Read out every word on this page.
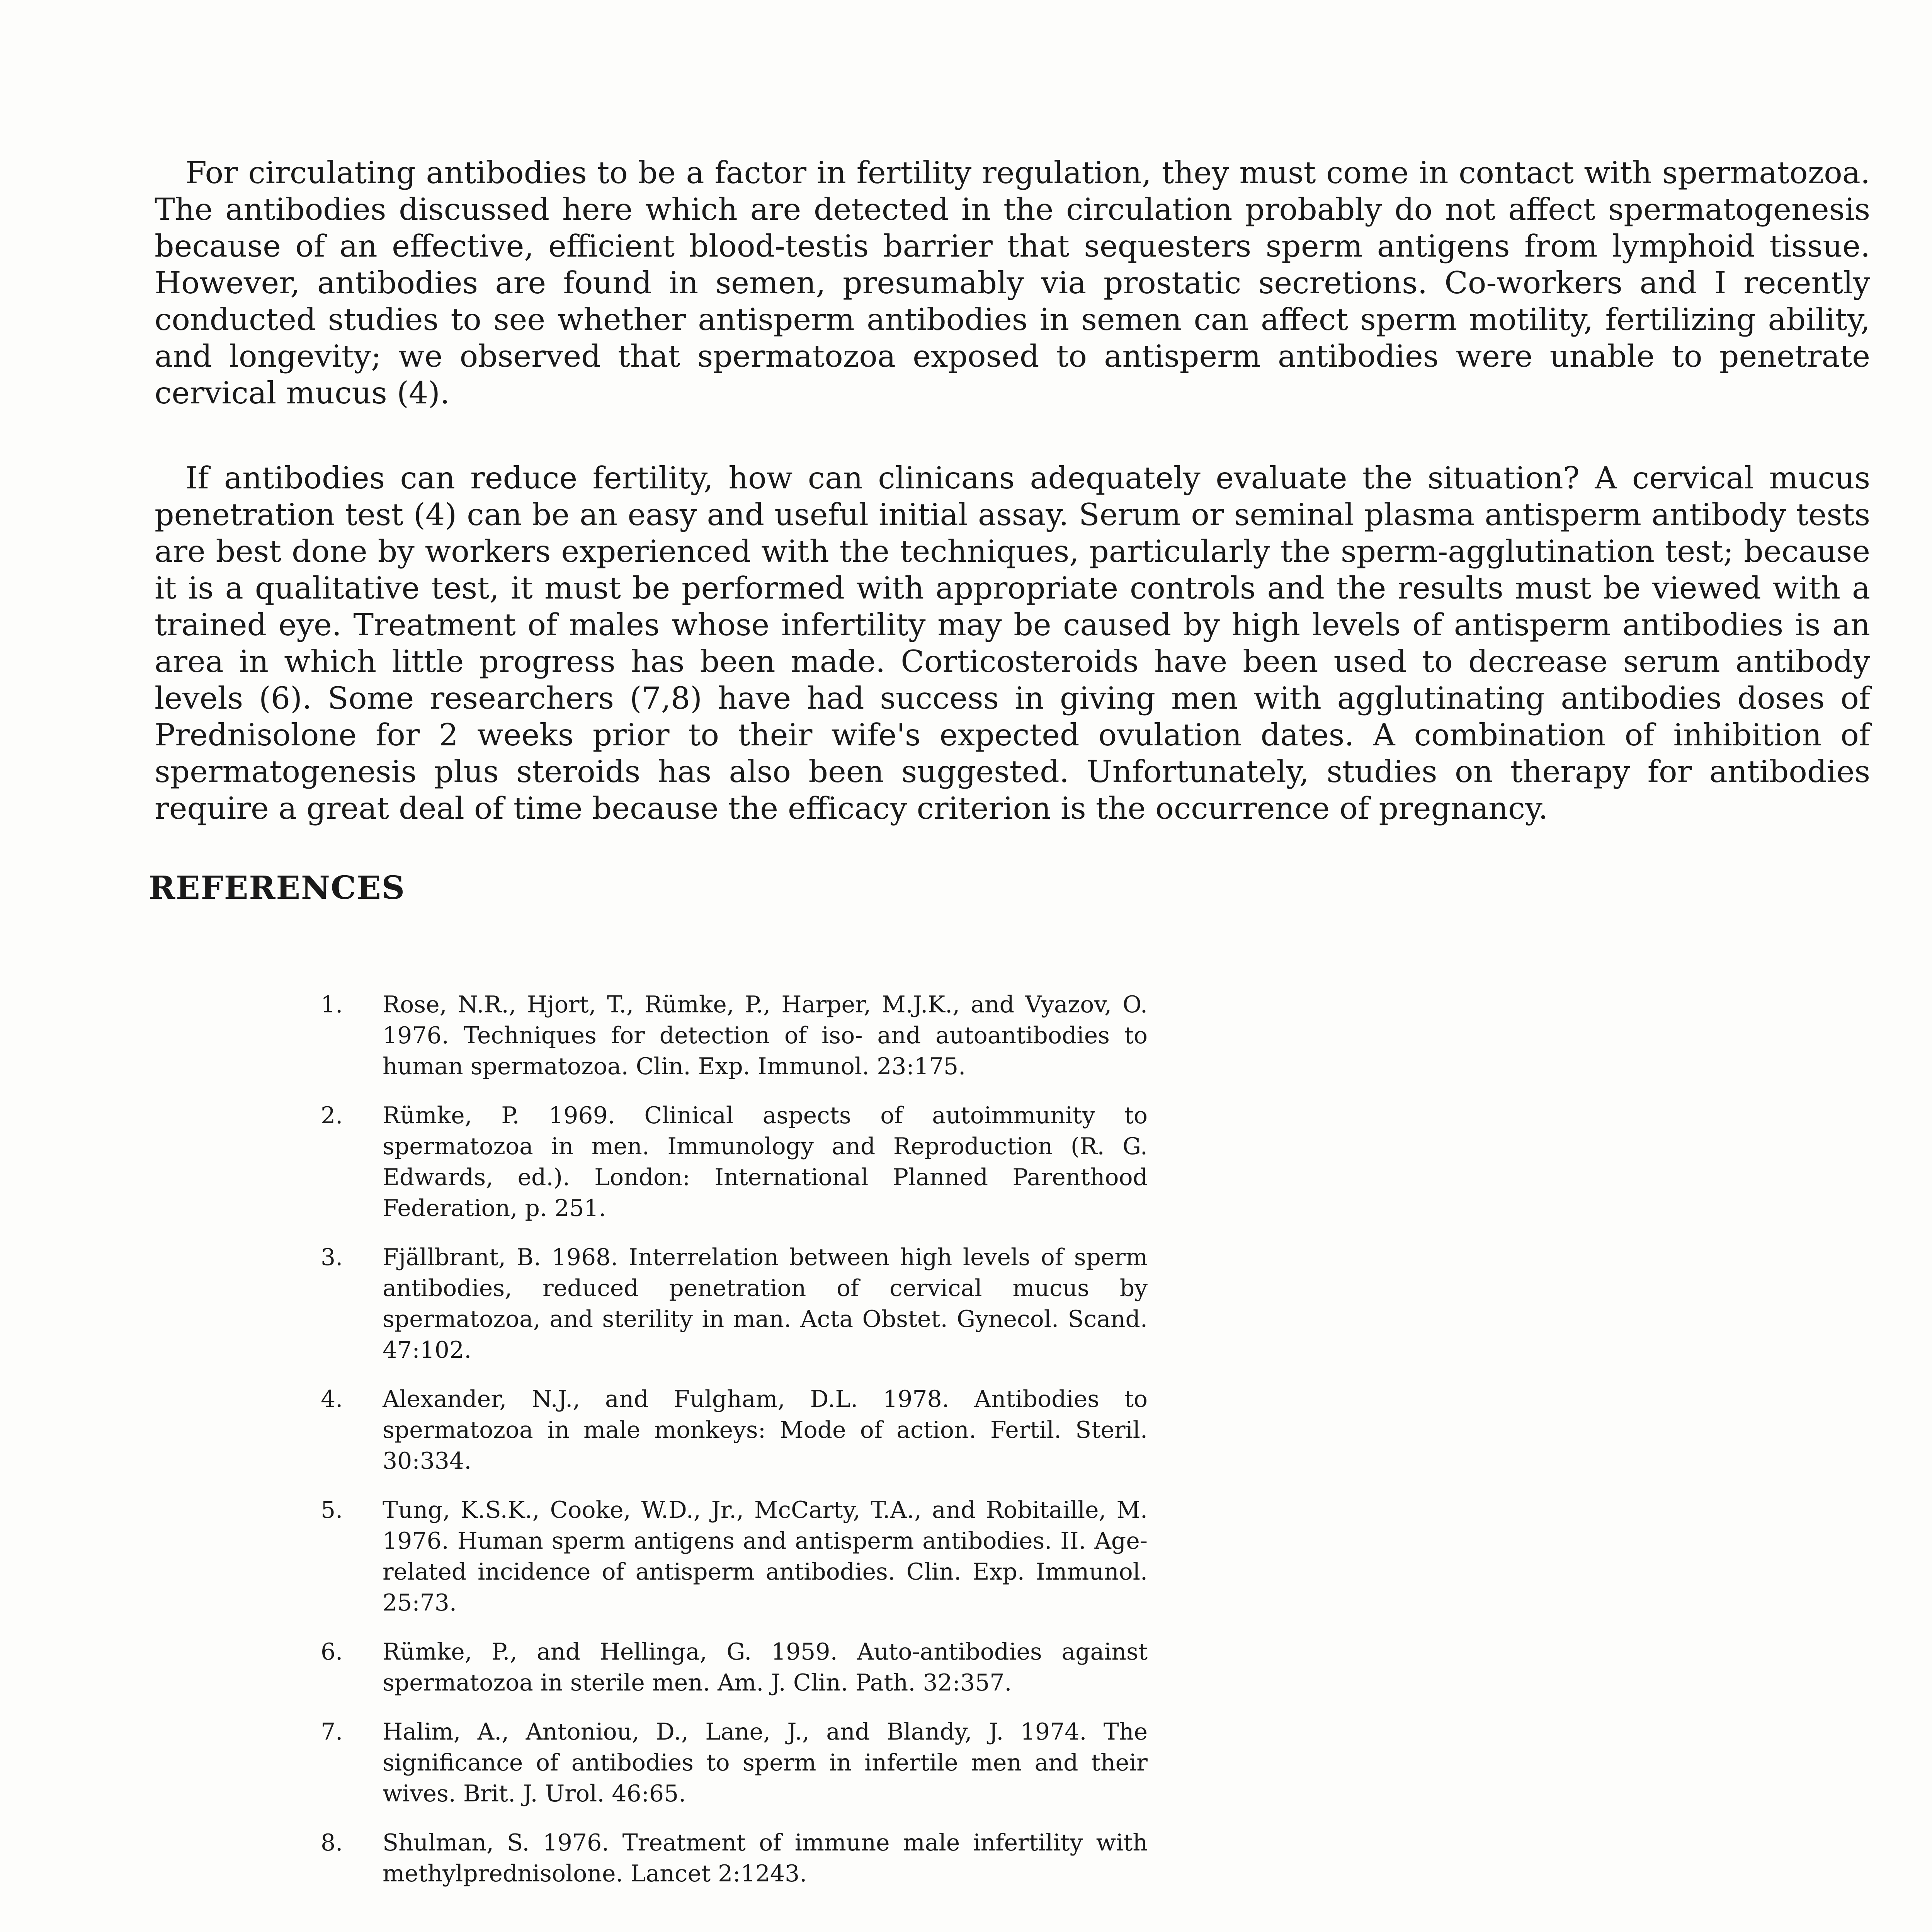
For circulating antibodies to be a factor in fertility regulation, they must come in contact with spermatozoa. The antibodies discussed here which are detected in the circulation probably do not affect spermatogenesis because of an effective, efficient blood-testis barrier that sequesters sperm antigens from lymphoid tissue. However, antibodies are found in semen, presumably via prostatic secretions. Co-workers and I recently conducted studies to see whether antisperm antibodies in semen can affect sperm motility, fertilizing ability, and longevity; we observed that spermatozoa exposed to antisperm antibodies were unable to penetrate cervical mucus (4).

If antibodies can reduce fertility, how can clinicans adequately evaluate the situation? A cervical mucus penetration test (4) can be an easy and useful initial assay. Serum or seminal plasma antisperm antibody tests are best done by workers experienced with the techniques, particularly the sperm-agglutination test; because it is a qualitative test, it must be performed with appropriate controls and the results must be viewed with a trained eye. Treatment of males whose infertility may be caused by high levels of antisperm antibodies is an area in which little progress has been made. Corticosteroids have been used to decrease serum antibody levels (6). Some researchers (7,8) have had success in giving men with agglutinating antibodies doses of Prednisolone for 2 weeks prior to their wife's expected ovulation dates. A combination of inhibition of spermatogenesis plus steroids has also been suggested. Unfortunately, studies on therapy for antibodies require a great deal of time because the efficacy criterion is the occurrence of pregnancy.

REFERENCES
1.	Rose, N.R., Hjort, T., Rümke, P., Harper, M.J.K., and Vyazov, O. 1976. Techniques for detection of iso- and autoantibodies to human spermatozoa. Clin. Exp. Immunol. 23:175.
2.	Rümke, P. 1969. Clinical aspects of autoimmunity to spermatozoa in men. Immunology and Reproduction (R. G. Edwards, ed.). London: International Planned Parenthood Federation, p. 251.
3.	Fjällbrant, B. 1968. Interrelation between high levels of sperm antibodies, reduced penetration of cervical mucus by spermatozoa, and sterility in man. Acta Obstet. Gynecol. Scand. 47:102.
4.	Alexander, N.J., and Fulgham, D.L. 1978. Antibodies to spermatozoa in male monkeys: Mode of action. Fertil. Steril. 30:334.
5.	Tung, K.S.K., Cooke, W.D., Jr., McCarty, T.A., and Robitaille, M. 1976. Human sperm antigens and antisperm antibodies. II. Age-related incidence of antisperm antibodies. Clin. Exp. Immunol. 25:73.
6.	Rümke, P., and Hellinga, G. 1959. Auto-antibodies against spermatozoa in sterile men. Am. J. Clin. Path. 32:357.
7.	Halim, A., Antoniou, D., Lane, J., and Blandy, J. 1974. The significance of antibodies to sperm in infertile men and their wives. Brit. J. Urol. 46:65.
8.	Shulman, S. 1976. Treatment of immune male infertility with methylprednisolone. Lancet 2:1243.
